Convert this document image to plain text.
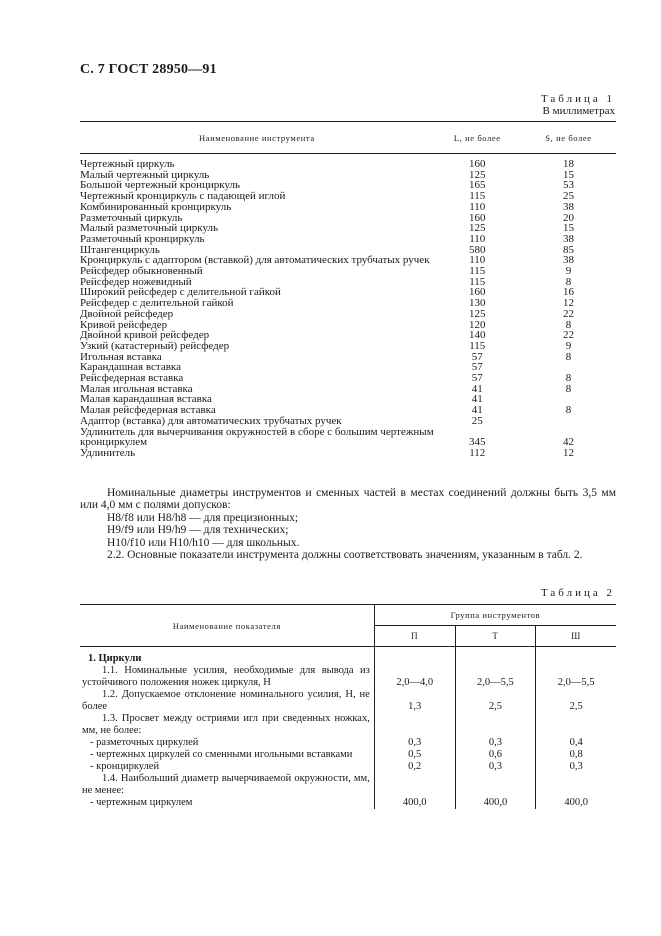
С. 7 ГОСТ 28950—91
Таблица 1
В миллиметрах
Наименование инструмента	L, не более	S, не более
Чертежный циркуль	160	18
Малый чертежный циркуль	125	15
Большой чертежный кронциркуль	165	53
Чертежный кронциркуль с падающей иглой	115	25
Комбинированный кронциркуль	110	38
Разметочный циркуль	160	20
Малый разметочный циркуль	125	15
Разметочный кронциркуль	110	38
Штангенциркуль	580	85
Кронциркуль с адаптором (вставкой) для автоматических трубчатых ручек	110	38
Рейсфедер обыкновенный	115	9
Рейсфедер ножевидный	115	8
Широкий рейсфедер с делительной гайкой	160	16
Рейсфедер с делительной гайкой	130	12
Двойной рейсфедер	125	22
Кривой рейсфедер	120	8
Двойной кривой рейсфедер	140	22
Узкий (катастерный) рейсфедер	115	9
Игольная вставка	57	8
Карандашная вставка	57	
Рейсфедерная вставка	57	8
Малая игольная вставка	41	8
Малая карандашная вставка	41	
Малая рейсфедерная вставка	41	8
Адаптор (вставка) для автоматических трубчатых ручек	25	
Удлинитель для вычерчивания окружностей в сборе с большим чертежным		
кронциркулем	345	42
Удлинитель	112	12

Номинальные диаметры инструментов и сменных частей в местах соединений должны быть 3,5 мм или 4,0 мм с полями допусков:

H8/f8 или H8/h8 — для прецизионных;

H9/f9 или H9/h9 — для технических;

H10/f10 или H10/h10 — для школьных.

2.2. Основные показатели инструмента должны соответствовать значениям, указанным в табл. 2.

Таблица 2
Наименование показателя	Группа инструментов		
	П	Т	Ш

1. Циркули			
1.1. Номинальные усилия, необходимые для вывода из устойчивого положения ножек циркуля, Н	2,0—4,0	2,0—5,5	2,0—5,5
1.2. Допускаемое отклонение номинального усилия, Н, не более	1,3	2,5	2,5
1.3. Просвет между остриями игл при сведенных ножках, мм, не более:			
- разметочных циркулей	0,3	0,3	0,4
- чертежных циркулей со сменными игольными вставками	0,5	0,6	0,8
- кронциркулей	0,2	0,3	0,3
1.4. Наибольший диаметр вычерчиваемой окружности, мм, не менее:			
- чертежным циркулем	400,0	400,0	400,0
